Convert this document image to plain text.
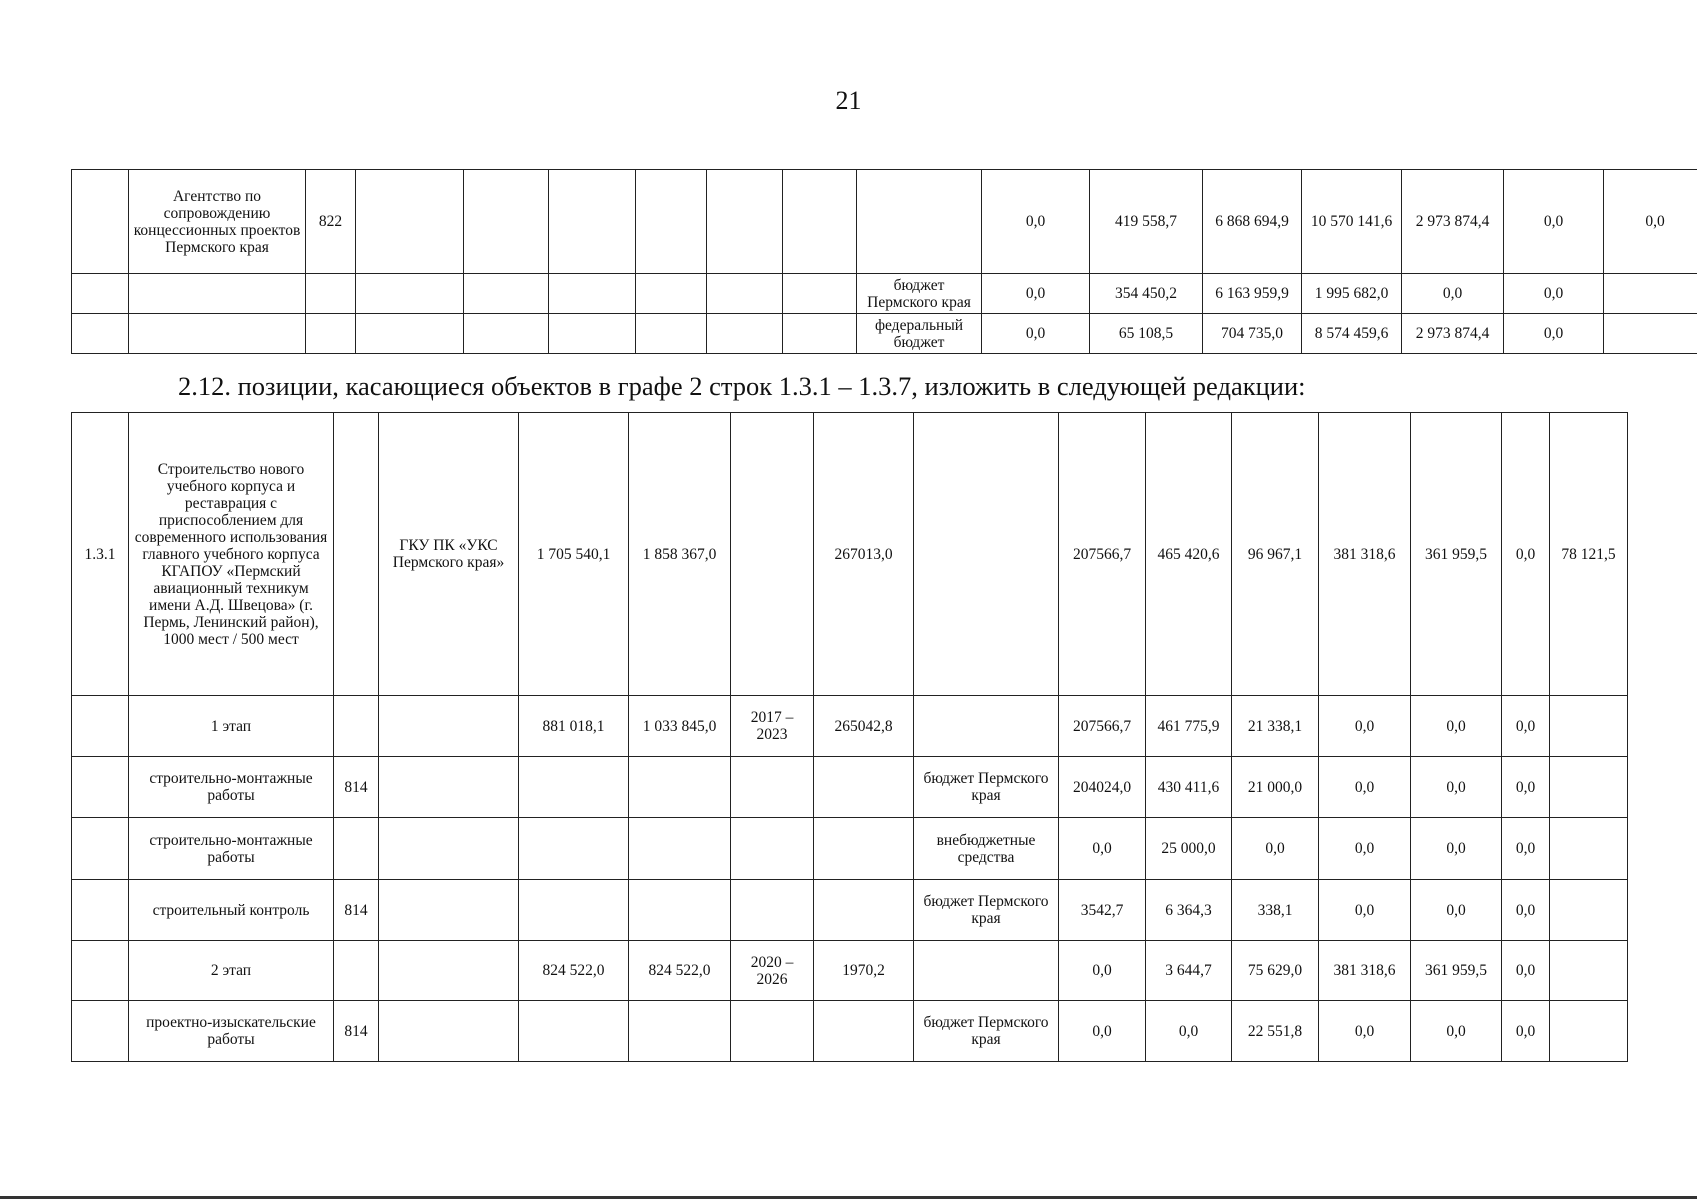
21
	Агентство по сопровождению концессионных проектов Пермского края	822								0,0	419 558,7	6 868 694,9	10 570 141,6	2 973 874,4	0,0	0,0
									бюджет Пермского края	0,0	354 450,2	6 163 959,9	1 995 682,0	0,0	0,0	
									федеральный бюджет	0,0	65 108,5	704 735,0	8 574 459,6	2 973 874,4	0,0	
2.12. позиции, касающиеся объектов в графе 2 строк 1.3.1 – 1.3.7, изложить в следующей редакции:
1.3.1	Строительство нового учебного корпуса и реставрация с приспособлением для современного использования главного учебного корпуса КГАПОУ «Пермский авиационный техникум имени А.Д. Швецова» (г. Пермь, Ленинский район), 1000 мест / 500 мест		ГКУ ПК «УКС Пермского края»	1 705 540,1	1 858 367,0		267013,0		207566,7	465 420,6	96 967,1	381 318,6	361 959,5	0,0	78 121,5
	1 этап			881 018,1	1 033 845,0	2017 – 2023	265042,8		207566,7	461 775,9	21 338,1	0,0	0,0	0,0	
	строительно-монтажные работы	814						бюджет Пермского края	204024,0	430 411,6	21 000,0	0,0	0,0	0,0	
	строительно-монтажные работы							внебюджетные средства	0,0	25 000,0	0,0	0,0	0,0	0,0	
	строительный контроль	814						бюджет Пермского края	3542,7	6 364,3	338,1	0,0	0,0	0,0	
	2 этап			824 522,0	824 522,0	2020 – 2026	1970,2		0,0	3 644,7	75 629,0	381 318,6	361 959,5	0,0	
	проектно-изыскательские работы	814						бюджет Пермского края	0,0	0,0	22 551,8	0,0	0,0	0,0	
